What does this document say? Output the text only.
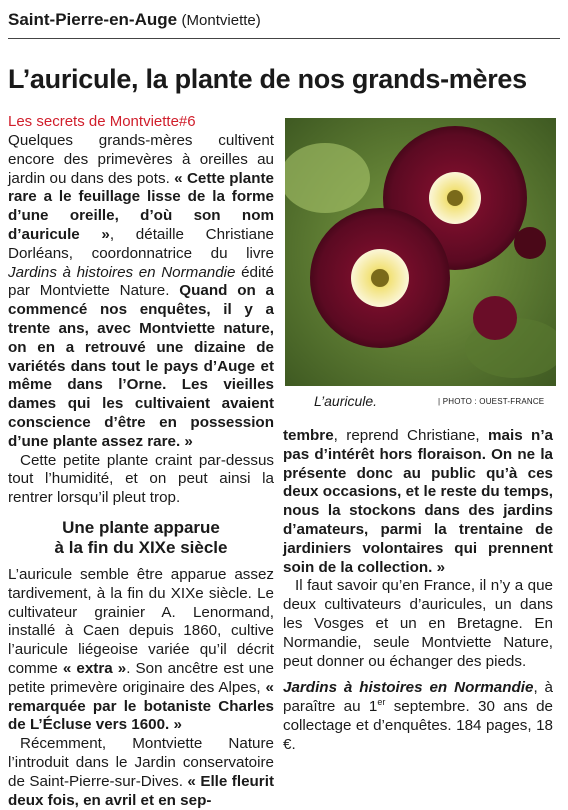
Saint-Pierre-en-Auge (Montviette)
L’auricule, la plante de nos grands-mères
Les secrets de Montviette#6

Quelques grands-mères cultivent encore des primevères à oreilles au jardin ou dans des pots. « Cette plante rare a le feuillage lisse de la forme d’une oreille, d’où son nom d’auricule », détaille Christiane Dorléans, coordonnatrice du livre Jardins à histoires en Normandie édité par Montviette Nature. Quand on a commencé nos enquêtes, il y a trente ans, avec Montviette nature, on en a retrouvé une dizaine de variétés dans tout le pays d’Auge et même dans l’Orne. Les vieilles dames qui les cultivaient avaient conscience d’être en possession d’une plante assez rare. »

Cette petite plante craint par-dessus tout l’humidité, et on peut ainsi la rentrer lorsqu’il pleut trop.

Une plante apparue
à la fin du XIXe siècle

L’auricule semble être apparue assez tardivement, à la fin du XIXe siècle. Le cultivateur grainier A. Lenormand, installé à Caen depuis 1860, cultive l’auricule liégeoise variée qu’il décrit comme « extra ». Son ancêtre est une petite primevère originaire des Alpes, « remarquée par le botaniste Charles de L’Écluse vers 1600. »

Récemment, Montviette Nature l’introduit dans le Jardin conservatoire de Saint-Pierre-sur-Dives. « Elle fleurit deux fois, en avril et en sep-

L’auricule.	| PHOTO : OUEST-FRANCE

tembre, reprend Christiane, mais n’a pas d’intérêt hors floraison. On ne la présente donc au public qu’à ces deux occasions, et le reste du temps, nous la stockons dans des jardins d’amateurs, parmi la trentaine de jardiniers volontaires qui prennent soin de la collection. »

Il faut savoir qu’en France, il n’y a que deux cultivateurs d’auricules, un dans les Vosges et un en Bretagne. En Normandie, seule Montviette Nature, peut donner ou échanger des pieds.

Jardins à histoires en Normandie, à paraître au 1er septembre. 30 ans de collectage et d’enquêtes. 184 pages, 18 €.
